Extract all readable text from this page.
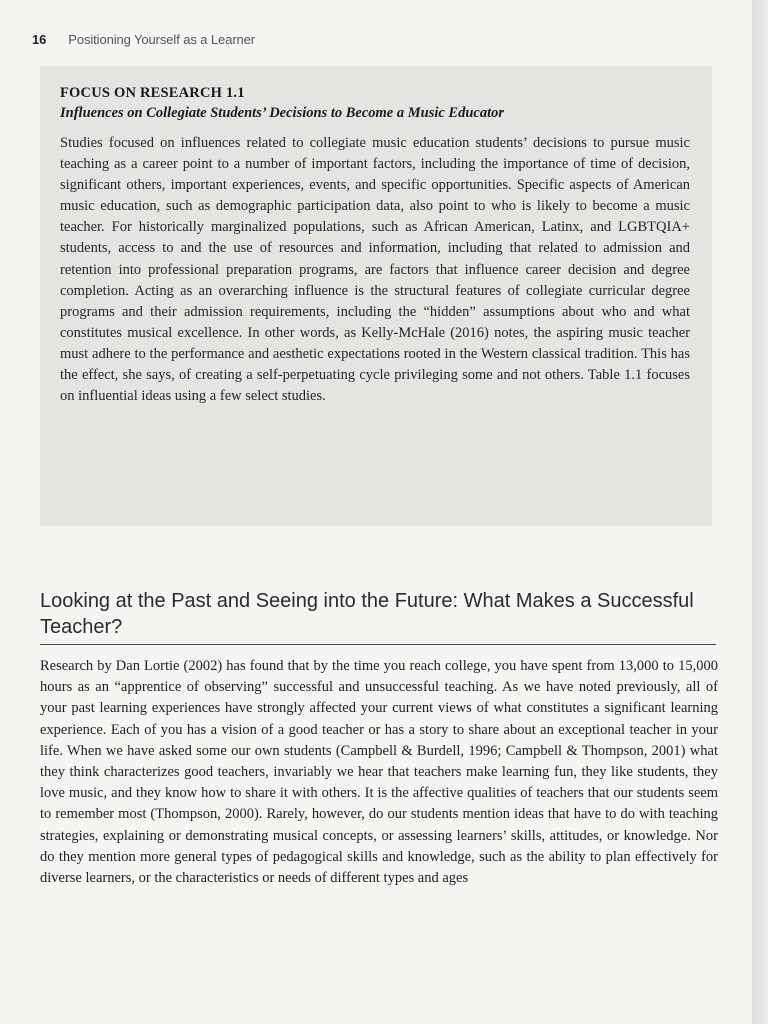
16 Positioning Yourself as a Learner

FOCUS ON RESEARCH 1.1

Influences on Collegiate Students’ Decisions to Become a Music Educator

Studies focused on influences related to collegiate music education students’ decisions to pursue music teaching as a career point to a number of important factors, including the importance of time of decision, significant others, important experiences, events, and specific opportunities. Specific aspects of American music education, such as demographic participation data, also point to who is likely to become a music teacher. For historically marginalized populations, such as African American, Latinx, and LGBTQIA+ students, access to and the use of resources and information, including that related to admission and retention into professional preparation programs, are factors that influence career decision and degree completion. Acting as an overarching influence is the structural features of collegiate curricular degree programs and their admission requirements, including the “hidden” assumptions about who and what constitutes musical excellence. In other words, as Kelly-McHale (2016) notes, the aspiring music teacher must adhere to the performance and aesthetic expectations rooted in the Western classical tradition. This has the effect, she says, of creating a self-perpetuating cycle privileging some and not others. Table 1.1 focuses on influential ideas using a few select studies.

Looking at the Past and Seeing into the Future: What Makes a Successful Teacher?

Research by Dan Lortie (2002) has found that by the time you reach college, you have spent from 13,000 to 15,000 hours as an “apprentice of observing” successful and unsuccessful teaching. As we have noted previously, all of your past learning experiences have strongly affected your current views of what constitutes a significant learning experience. Each of you has a vision of a good teacher or has a story to share about an exceptional teacher in your life. When we have asked some our own students (Campbell & Burdell, 1996; Campbell & Thompson, 2001) what they think characterizes good teachers, invariably we hear that teachers make learning fun, they like students, they love music, and they know how to share it with others. It is the affective qualities of teachers that our students seem to remember most (Thompson, 2000). Rarely, however, do our students mention ideas that have to do with teaching strategies, explaining or demonstrating musical concepts, or assessing learners’ skills, attitudes, or knowledge. Nor do they mention more general types of pedagogical skills and knowledge, such as the ability to plan effectively for diverse learners, or the characteristics or needs of different types and ages
